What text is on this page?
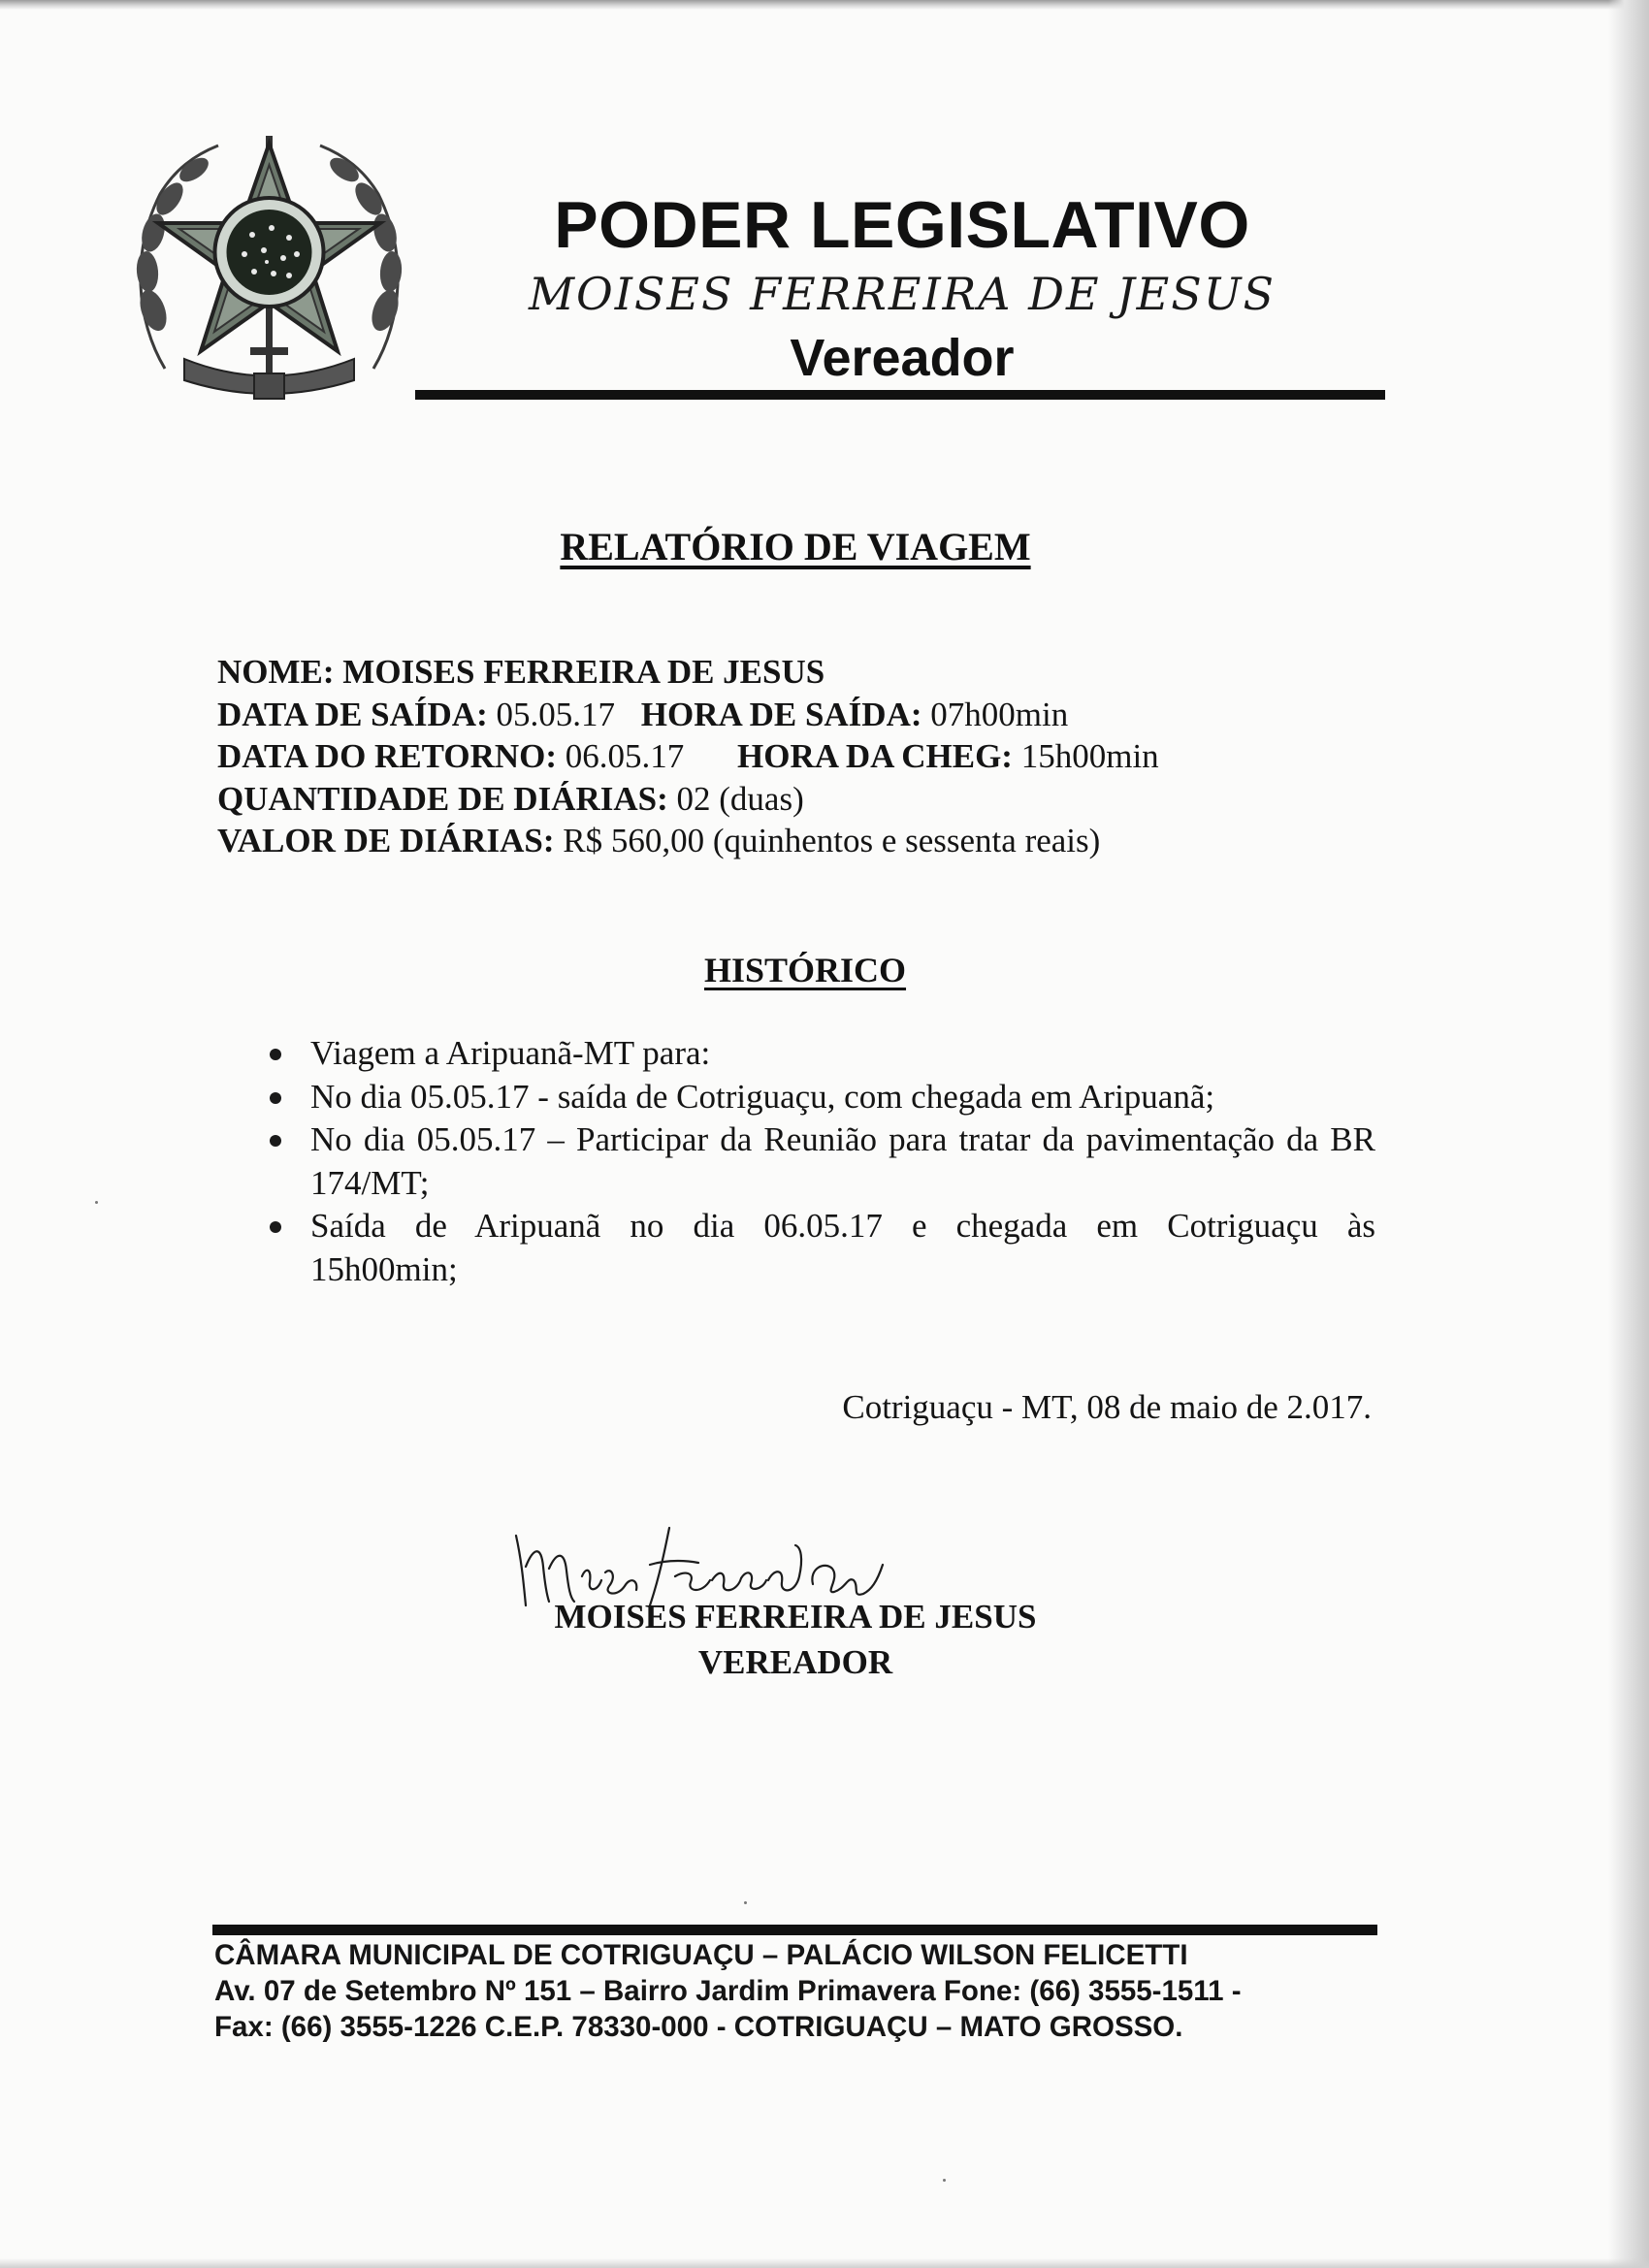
PODER LEGISLATIVO
MOISES FERREIRA DE JESUS
Vereador
RELATÓRIO DE VIAGEM
NOME: MOISES FERREIRA DE JESUS
DATA DE SAÍDA: 05.05.17 HORA DE SAÍDA: 07h00min
DATA DO RETORNO: 06.05.17 HORA DA CHEG: 15h00min
QUANTIDADE DE DIÁRIAS: 02 (duas)
VALOR DE DIÁRIAS: R$ 560,00 (quinhentos e sessenta reais)
HISTÓRICO
Viagem a Aripuanã-MT para:
No dia 05.05.17 - saída de Cotriguaçu, com chegada em Aripuanã;
No dia 05.05.17 – Participar da Reunião para tratar da pavimentação da BR 174/MT;
Saída de Aripuanã no dia 06.05.17 e chegada em Cotriguaçu às 15h00min;
Cotriguaçu - MT, 08 de maio de 2.017.
MOISES FERREIRA DE JESUS
VEREADOR
CÂMARA MUNICIPAL DE COTRIGUAÇU – PALÁCIO WILSON FELICETTI
Av. 07 de Setembro Nº 151 – Bairro Jardim Primavera Fone: (66) 3555-1511 -
Fax: (66) 3555-1226 C.E.P. 78330-000 - COTRIGUAÇU – MATO GROSSO.
